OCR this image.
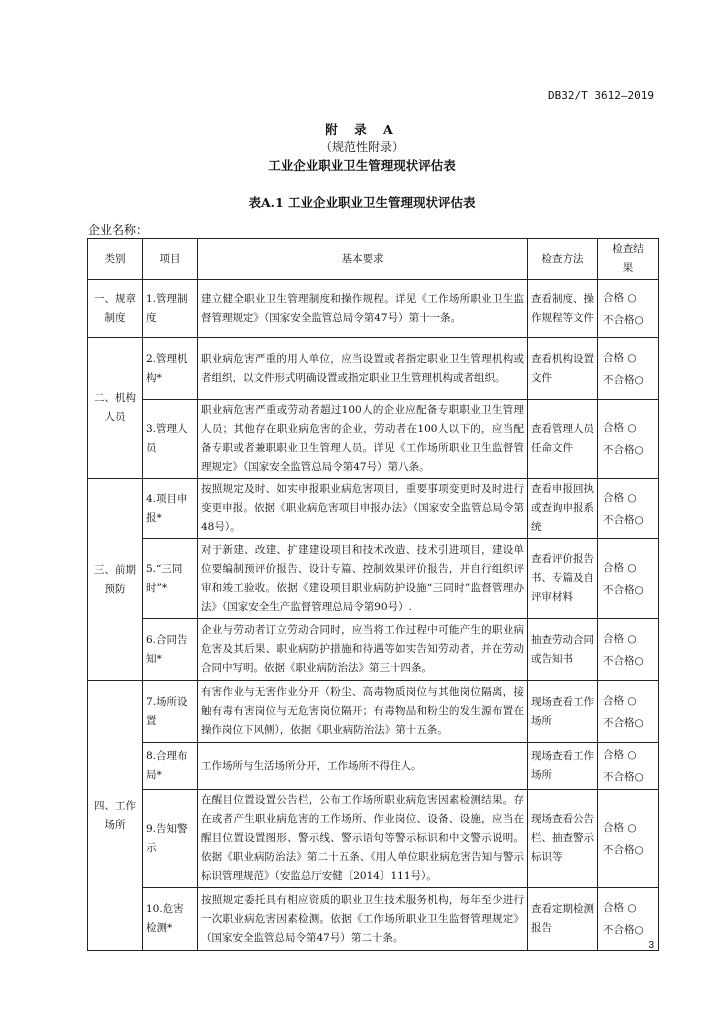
DB32/T 3612—2019
附 录 A
（规范性附录）
工业企业职业卫生管理现状评估表
表A.1 工业企业职业卫生管理现状评估表
企业名称：
类别	项目	基本要求	检查方法	检查结果
一、规章制度	1.管理制度	建立健全职业卫生管理制度和操作规程。详见《工作场所职业卫生监督管理规定》（国家安全监管总局令第47号）第十一条。	查看制度、操作规程等文件	合格 ○
不合格○

二、机构人员	2.管理机构*	职业病危害严重的用人单位，应当设置或者指定职业卫生管理机构或者组织，以文件形式明确设置或指定职业卫生管理机构或者组织。	查看机构设置文件	合格 ○
不合格○

	3.管理人员	职业病危害严重或劳动者超过100人的企业应配备专职职业卫生管理人员；其他存在职业病危害的企业，劳动者在100人以下的，应当配备专职或者兼职职业卫生管理人员。详见《工作场所职业卫生监督管理规定》（国家安全监管总局令第47号）第八条。	查看管理人员任命文件	合格 ○
不合格○

三、前期预防	4.项目申报*	按照规定及时、如实申报职业病危害项目，重要事项变更时及时进行变更申报。依据《职业病危害项目申报办法》（国家安全监管总局令第48号）。	查看申报回执或查询申报系统	合格 ○
不合格○

	5.“三同时”*	对于新建、改建、扩建建设项目和技术改造、技术引进项目，建设单位要编制预评价报告、设计专篇、控制效果评价报告，并自行组织评审和竣工验收。依据《建设项目职业病防护设施“三同时”监督管理办法》（国家安全生产监督管理总局令第90号）.	查看评价报告书、专篇及自评审材料	合格 ○
不合格○

	6.合同告知*	企业与劳动者订立劳动合同时，应当将工作过程中可能产生的职业病危害及其后果、职业病防护措施和待遇等如实告知劳动者，并在劳动合同中写明。依据《职业病防治法》第三十四条。	抽查劳动合同或告知书	合格 ○
不合格○

四、工作场所	7.场所设置	有害作业与无害作业分开（粉尘、高毒物质岗位与其他岗位隔离，接触有毒有害岗位与无危害岗位隔开；有毒物品和粉尘的发生源布置在操作岗位下风侧），依据《职业病防治法》第十五条。	现场查看工作场所	合格 ○
不合格○

	8.合理布局*	工作场所与生活场所分开，工作场所不得住人。	现场查看工作场所	合格 ○
不合格○

	9.告知警示	在醒目位置设置公告栏，公布工作场所职业病危害因素检测结果。存在或者产生职业病危害的工作场所、作业岗位、设备、设施，应当在醒目位置设置图形、警示线、警示语句等警示标识和中文警示说明。依据《职业病防治法》第二十五条、《用人单位职业病危害告知与警示标识管理规范》（安监总厅安健〔2014〕111号）。	现场查看公告栏、抽查警示标识等	合格 ○
不合格○

	10.危害检测*	按照规定委托具有相应资质的职业卫生技术服务机构，每年至少进行一次职业病危害因素检测。依据《工作场所职业卫生监督管理规定》（国家安全监管总局令第47号）第二十条。	查看定期检测报告	合格 ○
不合格○
3
